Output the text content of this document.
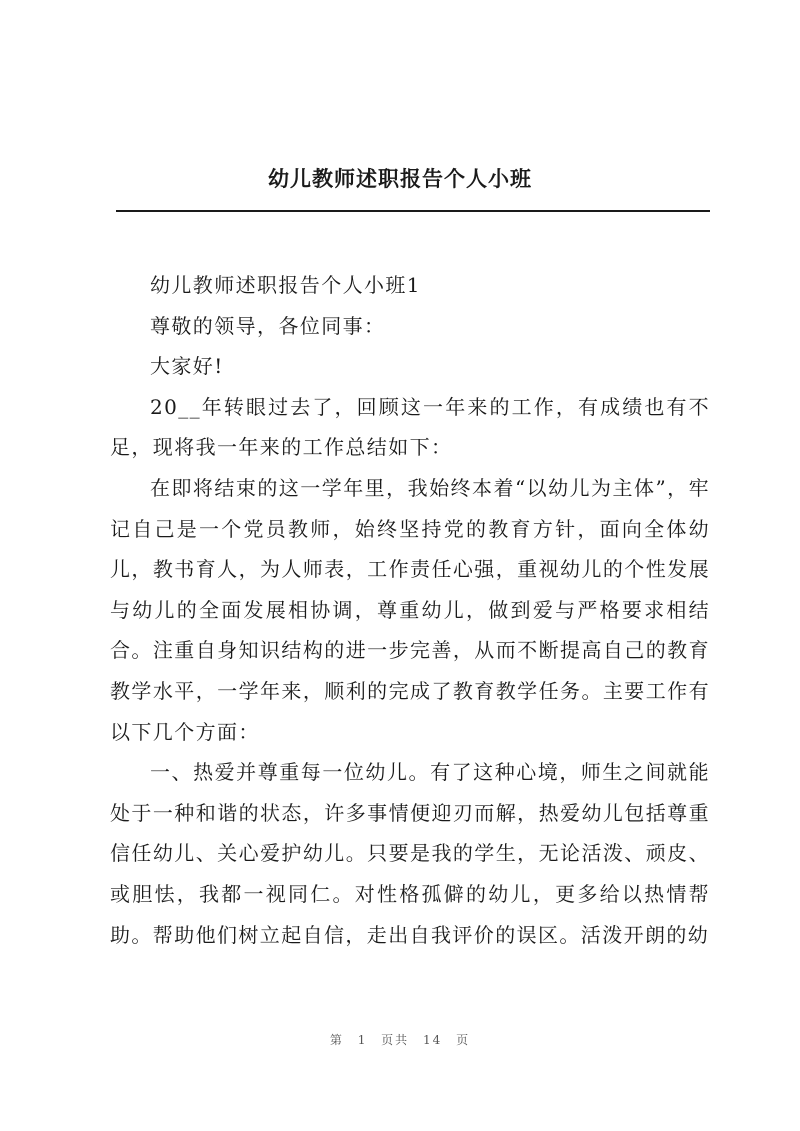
幼儿教师述职报告个人小班

幼儿教师述职报告个人小班1

尊敬的领导，各位同事：

大家好!

20__年转眼过去了，回顾这一年来的工作，有成绩也有不足，现将我一年来的工作总结如下：

在即将结束的这一学年里，我始终本着“以幼儿为主体”，牢记自己是一个党员教师，始终坚持党的教育方针，面向全体幼儿，教书育人，为人师表，工作责任心强，重视幼儿的个性发展与幼儿的全面发展相协调，尊重幼儿，做到爱与严格要求相结合。注重自身知识结构的进一步完善，从而不断提高自己的教育教学水平，一学年来，顺利的完成了教育教学任务。主要工作有以下几个方面：

一、热爱并尊重每一位幼儿。有了这种心境，师生之间就能处于一种和谐的状态，许多事情便迎刃而解，热爱幼儿包括尊重信任幼儿、关心爱护幼儿。只要是我的学生，无论活泼、顽皮、或胆怯，我都一视同仁。对性格孤僻的幼儿，更多给以热情帮助。帮助他们树立起自信，走出自我评价的误区。活泼开朗的幼

第 1 页共 14 页
